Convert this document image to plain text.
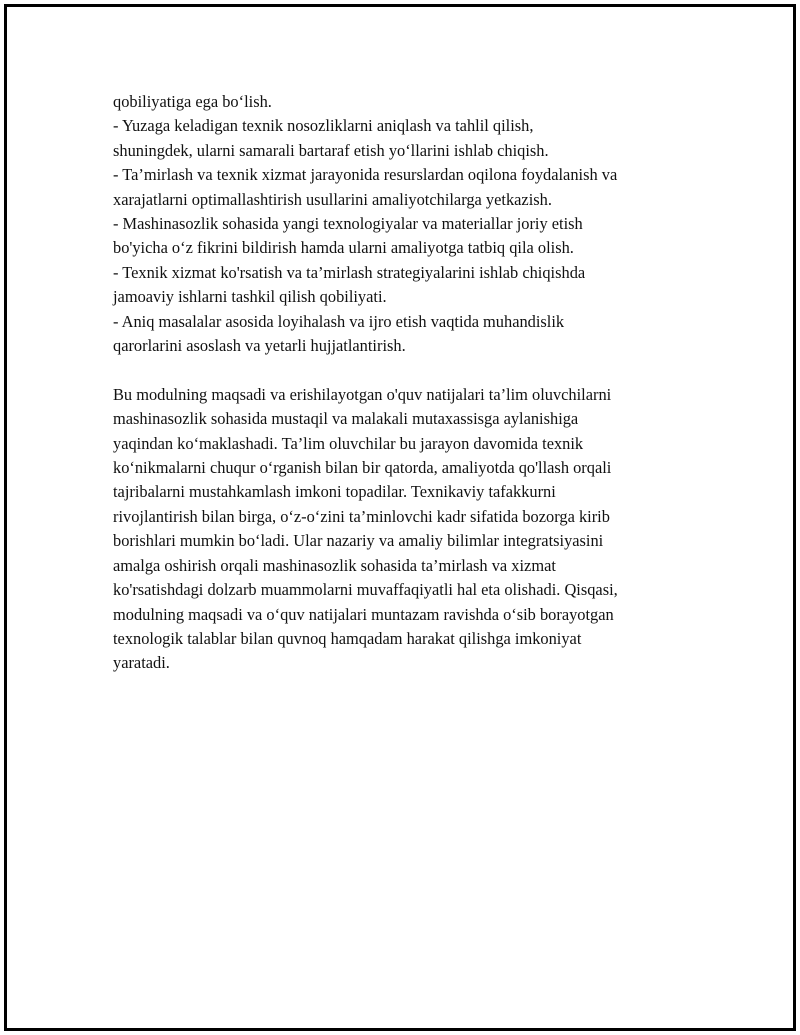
qobiliyatiga ega bo‘lish.

- Yuzaga keladigan texnik nosozliklarni aniqlash va tahlil qilish,

shuningdek, ularni samarali bartaraf etish yo‘llarini ishlab chiqish.

- Ta’mirlash va texnik xizmat jarayonida resurslardan oqilona foydalanish va

xarajatlarni optimallashtirish usullarini amaliyotchilarga yetkazish.

- Mashinasozlik sohasida yangi texnologiyalar va materiallar joriy etish

bo'yicha o‘z fikrini bildirish hamda ularni amaliyotga tatbiq qila olish.

- Texnik xizmat ko'rsatish va ta’mirlash strategiyalarini ishlab chiqishda

jamoaviy ishlarni tashkil qilish qobiliyati.

- Aniq masalalar asosida loyihalash va ijro etish vaqtida muhandislik

qarorlarini asoslash va yetarli hujjatlantirish.

Bu modulning maqsadi va erishilayotgan o'quv natijalari ta’lim oluvchilarni

mashinasozlik sohasida mustaqil va malakali mutaxassisga aylanishiga

yaqindan ko‘maklashadi. Ta’lim oluvchilar bu jarayon davomida texnik

ko‘nikmalarni chuqur o‘rganish bilan bir qatorda, amaliyotda qo'llash orqali

tajribalarni mustahkamlash imkoni topadilar. Texnikaviy tafakkurni

rivojlantirish bilan birga, o‘z-o‘zini ta’minlovchi kadr sifatida bozorga kirib

borishlari mumkin bo‘ladi. Ular nazariy va amaliy bilimlar integratsiyasini

amalga oshirish orqali mashinasozlik sohasida ta’mirlash va xizmat

ko'rsatishdagi dolzarb muammolarni muvaffaqiyatli hal eta olishadi. Qisqasi,

modulning maqsadi va o‘quv natijalari muntazam ravishda o‘sib borayotgan

texnologik talablar bilan quvnoq hamqadam harakat qilishga imkoniyat

yaratadi.
